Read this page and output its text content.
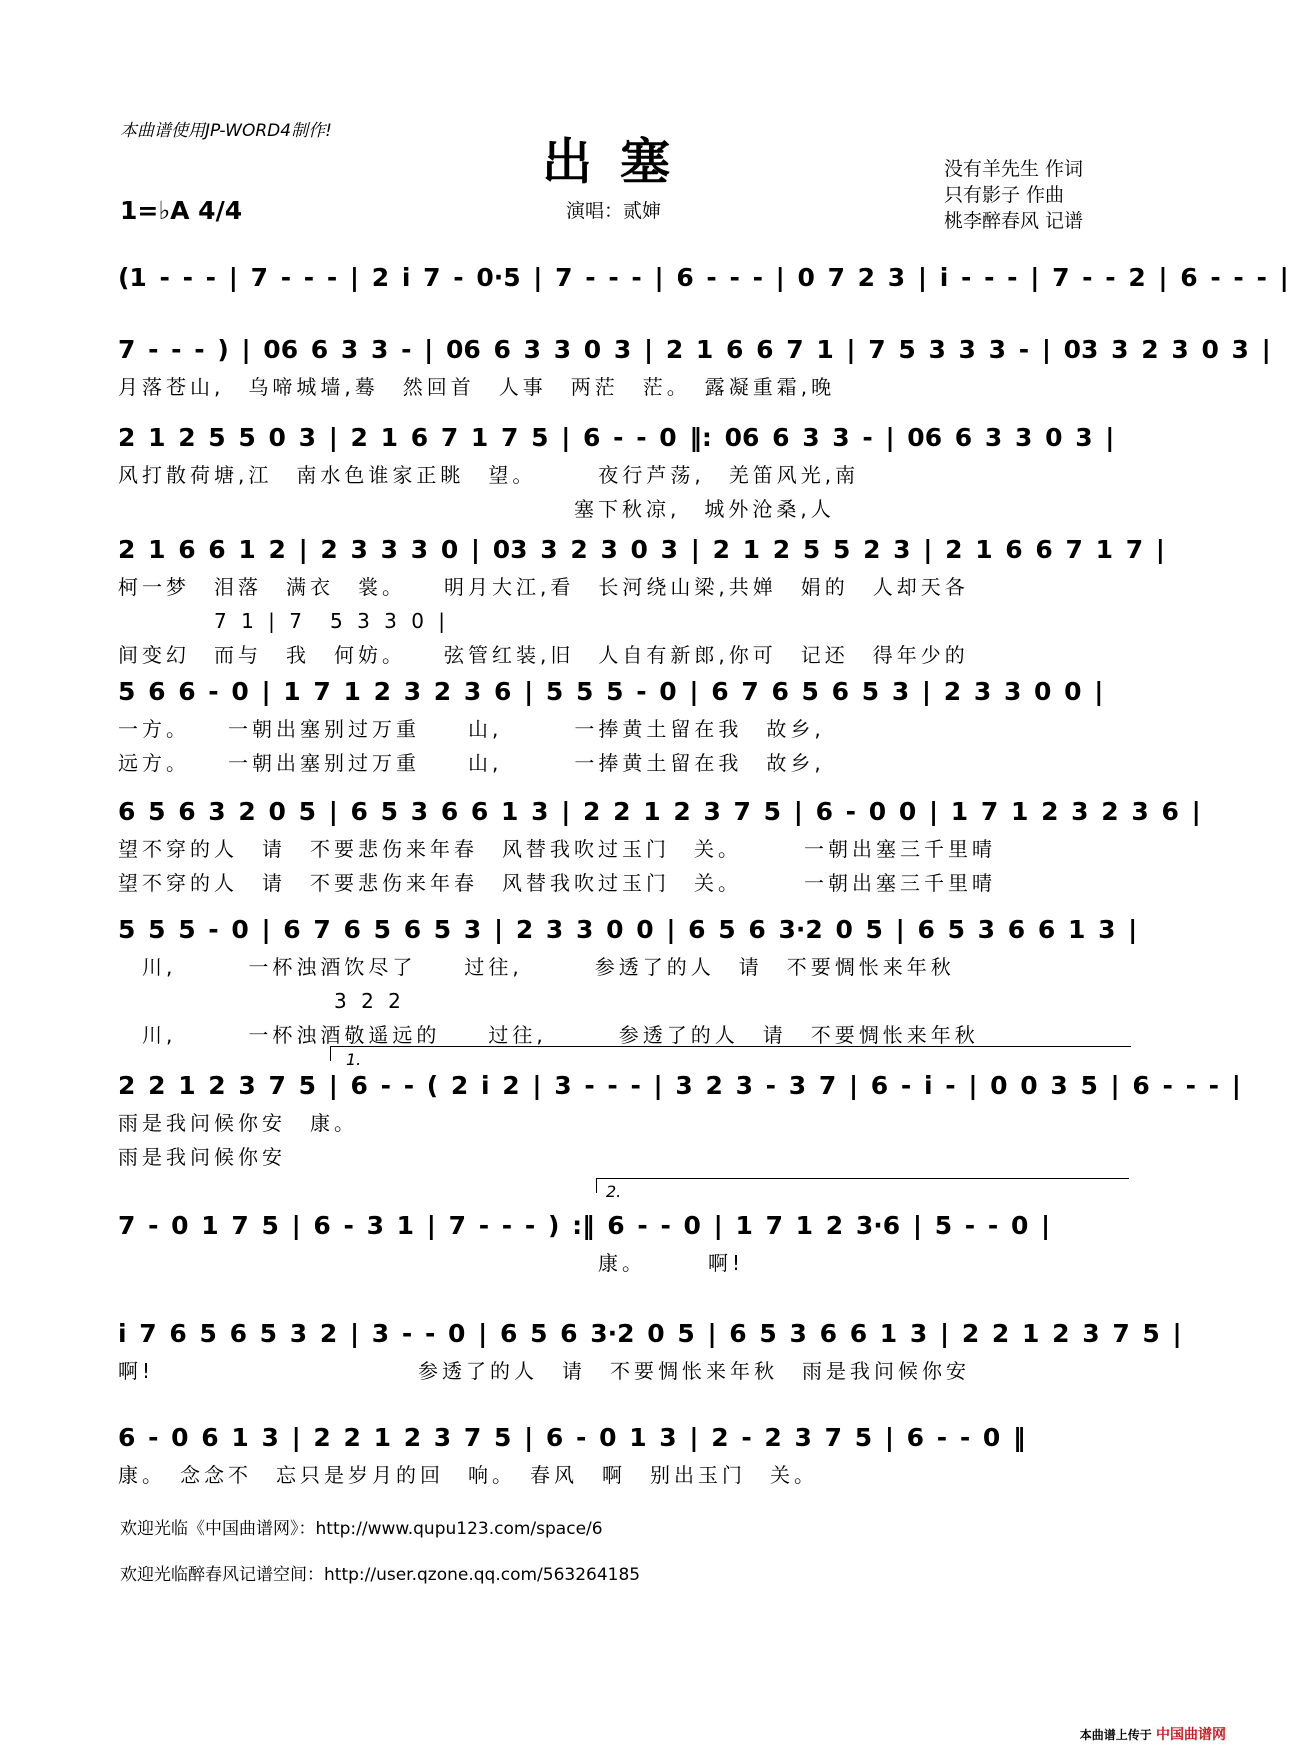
本曲谱使用JP-WORD4制作!
出塞	没有羊先生 作词
只有影子 作曲
桃李醉春风 记谱
1=♭A 4/4	演唱：贰婶
(1 - - - | 7 - - - | 2 i 7 - 0·5 | 7 - - - | 6 - - - | 0 7 2 3 | i - - - | 7 - - 2 | 6 - - - |
7 - - - ) | 06 6 3 3 - | 06 6 3 3 0 3 | 2 1 6 6 7 1 | 7 5 3 3 3 - | 03 3 2 3 0 3 |
月落苍山,　乌啼城墙,蓦　然回首　人事　两茫　茫。　露凝重霜,晚
2 1 2 5 5 0 3 | 2 1 6 7 1 7 5 | 6 - - 0 ‖: 06 6 3 3 - | 06 6 3 3 0 3 |
风打散荷塘,江　南水色谁家正眺　望。　　　夜行芦荡,　羌笛风光,南
　　　　　　　　　　　　　　　　　　　塞下秋凉,　城外沧桑,人
2 1 6 6 1 2 | 2 3 3 3 0 | 03 3 2 3 0 3 | 2 1 2 5 5 2 3 | 2 1 6 6 7 1 7 |
柯一梦　泪落　满衣　裳。　　明月大江,看　长河绕山梁,共婵　娟的　人却天各
　　　　7 1 | 7　5 3 3 0 |
间变幻　而与　我　何妨。　　弦管红装,旧　人自有新郎,你可　记还　得年少的
5 6 6 - 0 | 1 7 1 2 3 2 3 6 | 5 5 5 - 0 | 6 7 6 5 6 5 3 | 2 3 3 0 0 |
一方。　　一朝出塞别过万重　　山,　　　一捧黄土留在我　故乡,
远方。　　一朝出塞别过万重　　山,　　　一捧黄土留在我　故乡,
6 5 6 3 2 0 5 | 6 5 3 6 6 1 3 | 2 2 1 2 3 7 5 | 6 - 0 0 | 1 7 1 2 3 2 3 6 |
望不穿的人　请　不要悲伤来年春　风替我吹过玉门　关。　　　一朝出塞三千里晴
望不穿的人　请　不要悲伤来年春　风替我吹过玉门　关。　　　一朝出塞三千里晴
5 5 5 - 0 | 6 7 6 5 6 5 3 | 2 3 3 0 0 | 6 5 6 3·2 0 5 | 6 5 3 6 6 1 3 |
　川,　　　一杯浊酒饮尽了　　过往,　　　参透了的人　请　不要惆怅来年秋
　　　　　　　　　3 2 2
　川,　　　一杯浊酒敬遥远的　　过往,　　　参透了的人　请　不要惆怅来年秋
2 2 1 2 3 7 5 | 6 - - ( 2 i 2 | 3 - - - | 3 2 3 - 3 7 | 6 - i - | 0 0 3 5 | 6 - - - |
雨是我问候你安　康。
雨是我问候你安
7 - 0 1 7 5 | 6 - 3 1 | 7 - - - ) :‖ 6 - - 0 | 1 7 1 2 3·6 | 5 - - 0 |
　　　　　　　　　　　　　　　　　　　　康。　　　啊!
i 7 6 5 6 5 3 2 | 3 - - 0 | 6 5 6 3·2 0 5 | 6 5 3 6 6 1 3 | 2 2 1 2 3 7 5 |
啊!　　　　　　　　　　　参透了的人　请　不要惆怅来年秋　雨是我问候你安
6 - 0 6 1 3 | 2 2 1 2 3 7 5 | 6 - 0 1 3 | 2 - 2 3 7 5 | 6 - - 0 ‖
康。　念念不　忘只是岁月的回　响。　春风　啊　别出玉门　关。
1.
2.
欢迎光临《中国曲谱网》：http://www.qupu123.com/space/6
欢迎光临醉春风记谱空间：http://user.qzone.qq.com/563264185
本曲谱上传于 中国曲谱网
